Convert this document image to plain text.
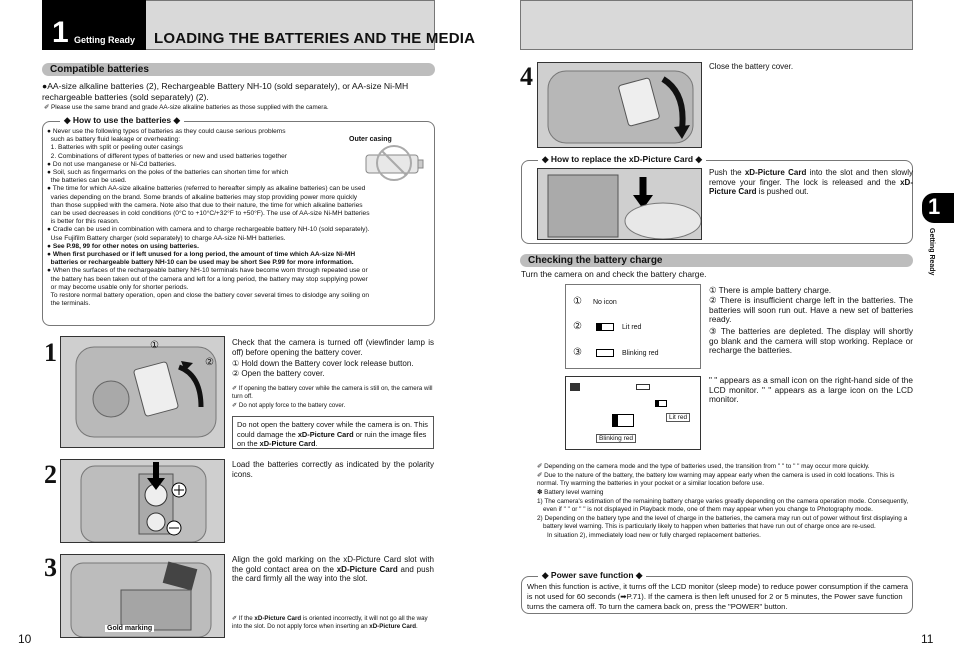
1 Getting Ready LOADING THE BATTERIES AND THE MEDIA
Compatible batteries
●AA-size alkaline batteries (2), Rechargeable Battery NH-10 (sold separately), or AA-size Ni-MH rechargeable batteries (sold separately) (2).
✐ Please use the same brand and grade AA-size alkaline batteries as those supplied with the camera.
◆ How to use the batteries ◆
● Never use the following types of batteries as they could cause serious problems
such as battery fluid leakage or overheating:
1. Batteries with split or peeling outer casings
2. Combinations of different types of batteries or new and used batteries together
● Do not use manganese or Ni-Cd batteries.
● Soil, such as fingermarks on the poles of the batteries can shorten time for which
the batteries can be used.
● The time for which AA-size alkaline batteries (referred to hereafter simply as alkaline batteries) can be used
varies depending on the brand. Some brands of alkaline batteries may stop providing power more quickly
than those supplied with the camera. Note also that due to their nature, the time for which alkaline batteries
can be used decreases in cold conditions (0°C to +10°C/+32°F to +50°F). The use of AA-size Ni-MH batteries
is better for this reason.
● Cradle can be used in combination with camera and to charge rechargeable battery NH-10 (sold separately).
Use Fujifilm Battery charger (sold separately) to charge AA-size Ni-MH batteries.
● See P.98, 99 for other notes on using batteries.
● When first purchased or if left unused for a long period, the amount of time which AA-size Ni-MH
batteries or rechargeable battery NH-10 can be used may be short See P.99 for more information.
● When the surfaces of the rechargeable battery NH-10 terminals have become worn through repeated use or
the battery has been taken out of the camera and left for a long period, the battery may stop supplying power
or may become usable only for shorter periods.
To restore normal battery operation, open and close the battery cover several times to dislodge any soiling on
the terminals.
Outer casing
1	①
②
Check that the camera is turned off (viewfinder lamp is off) before opening the battery cover.
① Hold down the Battery cover lock release button.
② Open the battery cover.
✐ If opening the battery cover while the camera is still on, the camera will turn off.
✐ Do not apply force to the battery cover.
Do not open the battery cover while the camera is on. This could damage the xD-Picture Card or ruin the image files on the xD-Picture Card.
2	Load the batteries correctly as indicated by the polarity icons.
3
Gold marking
Align the gold marking on the xD-Picture Card slot with the gold contact area on the xD-Picture Card and push the card firmly all the way into the slot.
✐ If the xD-Picture Card is oriented incorrectly, it will not go all the way into the slot. Do not apply force when inserting an xD-Picture Card.
10
4	Close the battery cover.
◆ How to replace the xD-Picture Card ◆
Push the xD-Picture Card into the slot and then slowly remove your finger. The lock is released and the xD-Picture Card is pushed out.
Checking the battery charge
Turn the camera on and check the battery charge.
① No icon
②	Lit red
③	Blinking red
① There is ample battery charge.
② There is insufficient charge left in the batteries. The batteries will soon run out. Have a new set of batteries ready.
③ The batteries are depleted. The display will shortly go blank and the camera will stop working. Replace or recharge the batteries.
Lit red
Blinking red
" " appears as a small icon on the right-hand side of the LCD monitor. " " appears as a large icon on the LCD monitor.
✐ Depending on the camera mode and the type of batteries used, the transition from " " to " " may occur more quickly.
✐ Due to the nature of the battery, the battery low warning may appear early when the camera is used in cold locations. This is normal. Try warming the batteries in your pocket or a similar location before use.
✽ Battery level warning
1) The camera's estimation of the remaining battery charge varies greatly depending on the camera operation mode. Consequently, even if " " or " " is not displayed in Playback mode, one of them may appear when you change to Photography mode.
2) Depending on the battery type and the level of charge in the batteries, the camera may run out of power without first displaying a battery level warning. This is particularly likely to happen when batteries that have run out of charge once are re-used.
In situation 2), immediately load new or fully charged replacement batteries.
◆ Power save function ◆
When this function is active, it turns off the LCD monitor (sleep mode) to reduce power consumption if the camera is not used for 60 seconds (➡P.71). If the camera is then left unused for 2 or 5 minutes, the Power save function turns the camera off. To turn the camera back on, press the "POWER" button.
1
Getting Ready
11
